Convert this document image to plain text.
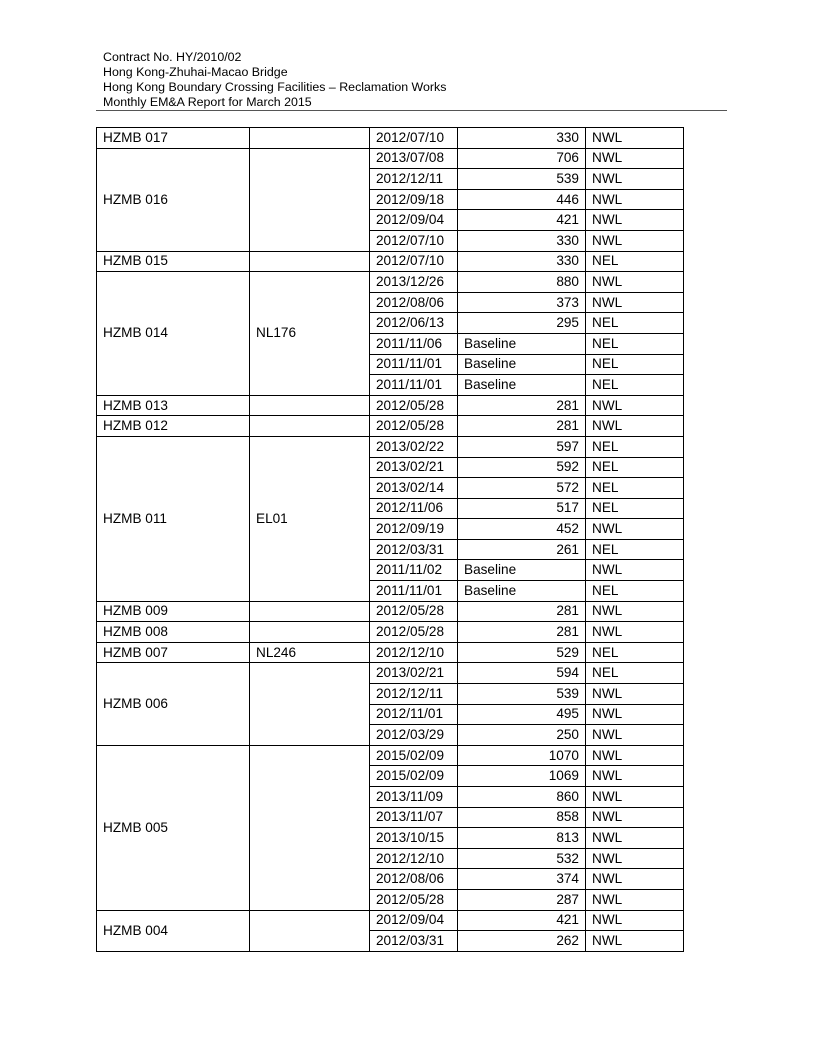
Contract No. HY/2010/02
Hong Kong-Zhuhai-Macao Bridge
Hong Kong Boundary Crossing Facilities – Reclamation Works
Monthly EM&A Report for March 2015
HZMB 017		2012/07/10	330	NWL
HZMB 016		2013/07/08	706	NWL
		2012/12/11	539	NWL
		2012/09/18	446	NWL
		2012/09/04	421	NWL
		2012/07/10	330	NWL
HZMB 015		2012/07/10	330	NEL
HZMB 014	NL176	2013/12/26	880	NWL
		2012/08/06	373	NWL
		2012/06/13	295	NEL
		2011/11/06	Baseline	NEL
		2011/11/01	Baseline	NEL
		2011/11/01	Baseline	NEL
HZMB 013		2012/05/28	281	NWL
HZMB 012		2012/05/28	281	NWL
HZMB 011	EL01	2013/02/22	597	NEL
		2013/02/21	592	NEL
		2013/02/14	572	NEL
		2012/11/06	517	NEL
		2012/09/19	452	NWL
		2012/03/31	261	NEL
		2011/11/02	Baseline	NWL
		2011/11/01	Baseline	NEL
HZMB 009		2012/05/28	281	NWL
HZMB 008		2012/05/28	281	NWL
HZMB 007	NL246	2012/12/10	529	NEL
HZMB 006		2013/02/21	594	NEL
		2012/12/11	539	NWL
		2012/11/01	495	NWL
		2012/03/29	250	NWL
HZMB 005		2015/02/09	1070	NWL
		2015/02/09	1069	NWL
		2013/11/09	860	NWL
		2013/11/07	858	NWL
		2013/10/15	813	NWL
		2012/12/10	532	NWL
		2012/08/06	374	NWL
		2012/05/28	287	NWL
HZMB 004		2012/09/04	421	NWL
		2012/03/31	262	NWL
